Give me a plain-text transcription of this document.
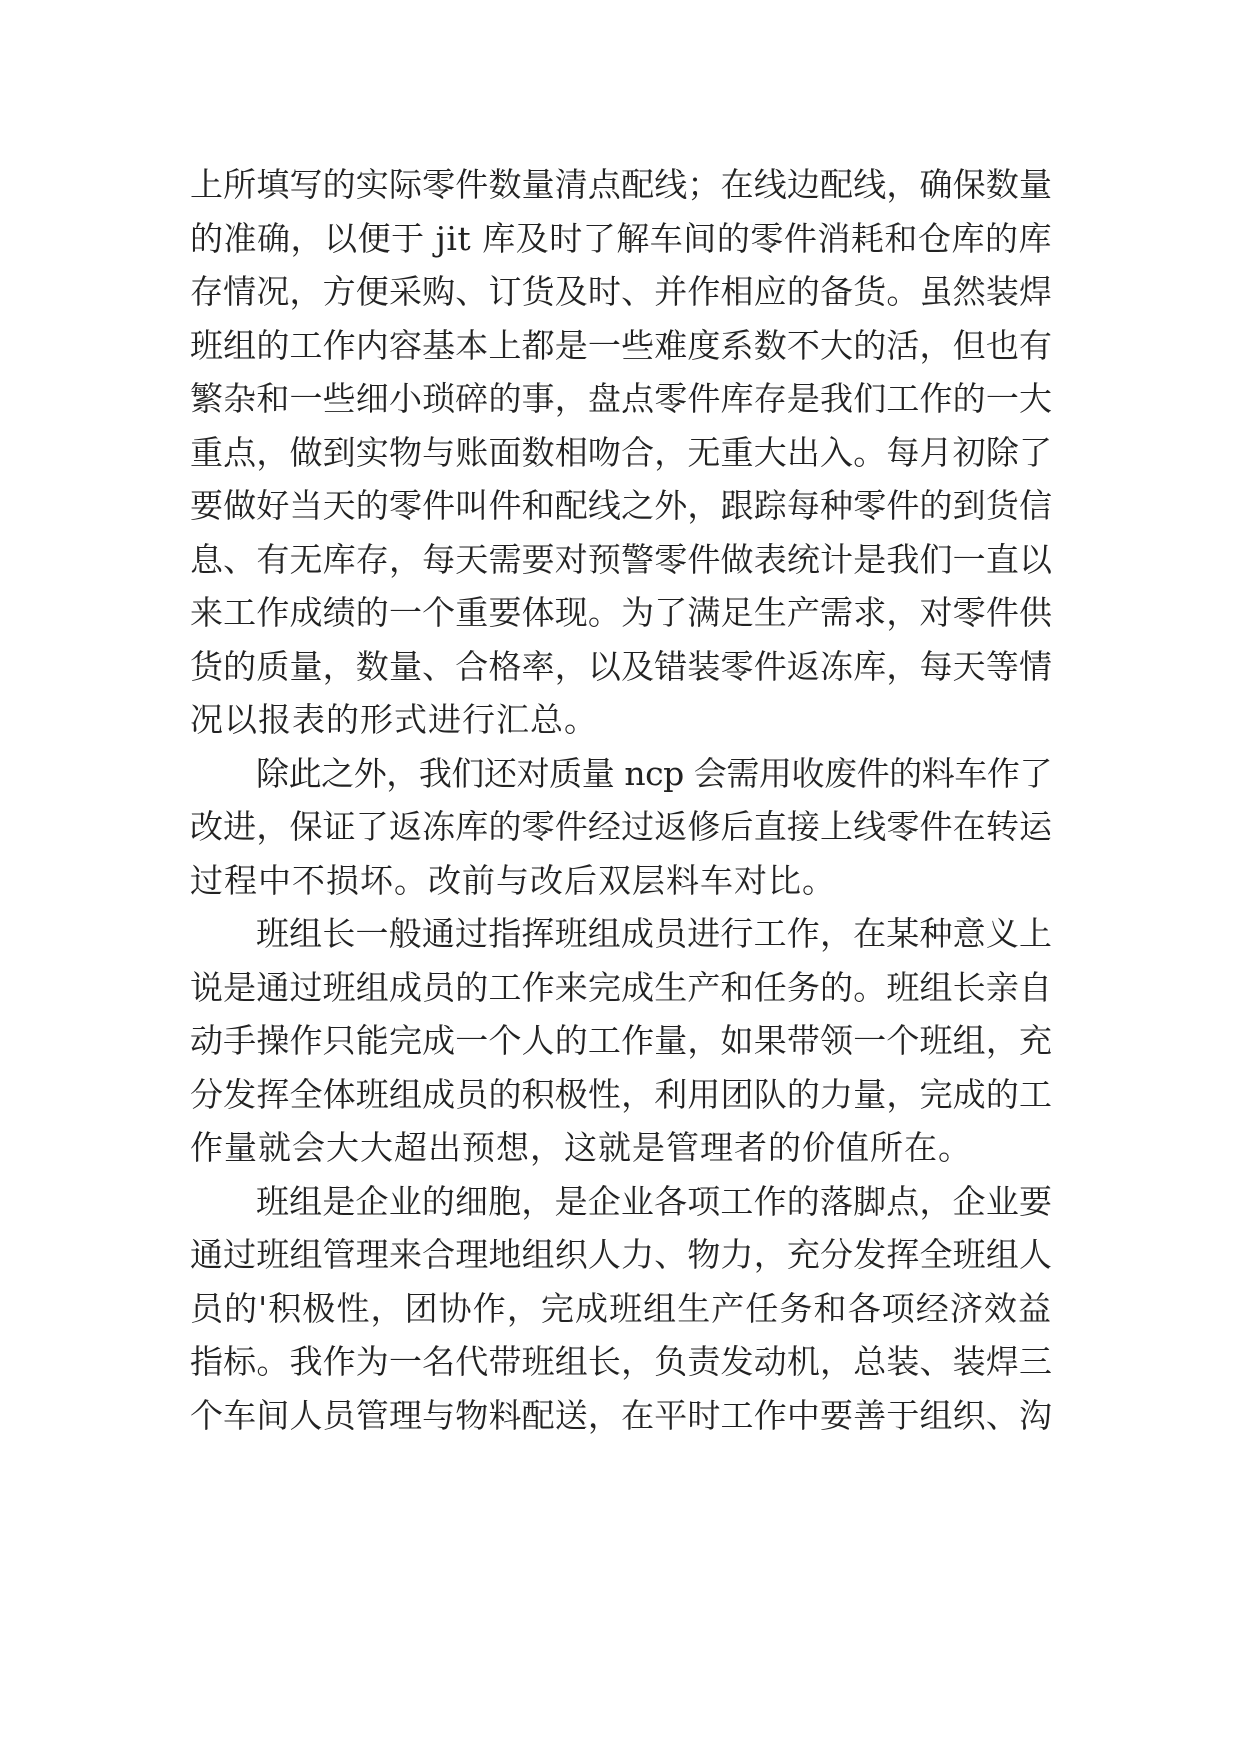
上所填写的实际零件数量清点配线；在线边配线，确保数量
的准确，以便于 jit 库及时了解车间的零件消耗和仓库的库
存情况，方便采购、订货及时、并作相应的备货。虽然装焊
班组的工作内容基本上都是一些难度系数不大的活，但也有
繁杂和一些细小琐碎的事，盘点零件库存是我们工作的一大
重点，做到实物与账面数相吻合，无重大出入。每月初除了
要做好当天的零件叫件和配线之外，跟踪每种零件的到货信
息、有无库存，每天需要对预警零件做表统计是我们一直以
来工作成绩的一个重要体现。为了满足生产需求，对零件供
货的质量，数量、合格率，以及错装零件返冻库，每天等情
况以报表的形式进行汇总。
除此之外，我们还对质量 ncp 会需用收废件的料车作了
改进，保证了返冻库的零件经过返修后直接上线零件在转运
过程中不损坏。改前与改后双层料车对比。
班组长一般通过指挥班组成员进行工作，在某种意义上
说是通过班组成员的工作来完成生产和任务的。班组长亲自
动手操作只能完成一个人的工作量，如果带领一个班组，充
分发挥全体班组成员的积极性，利用团队的力量，完成的工
作量就会大大超出预想，这就是管理者的价值所在。
班组是企业的细胞，是企业各项工作的落脚点，企业要
通过班组管理来合理地组织人力、物力，充分发挥全班组人
员的'积极性，团协作，完成班组生产任务和各项经济效益
指标。我作为一名代带班组长，负责发动机，总装、装焊三
个车间人员管理与物料配送，在平时工作中要善于组织、沟
